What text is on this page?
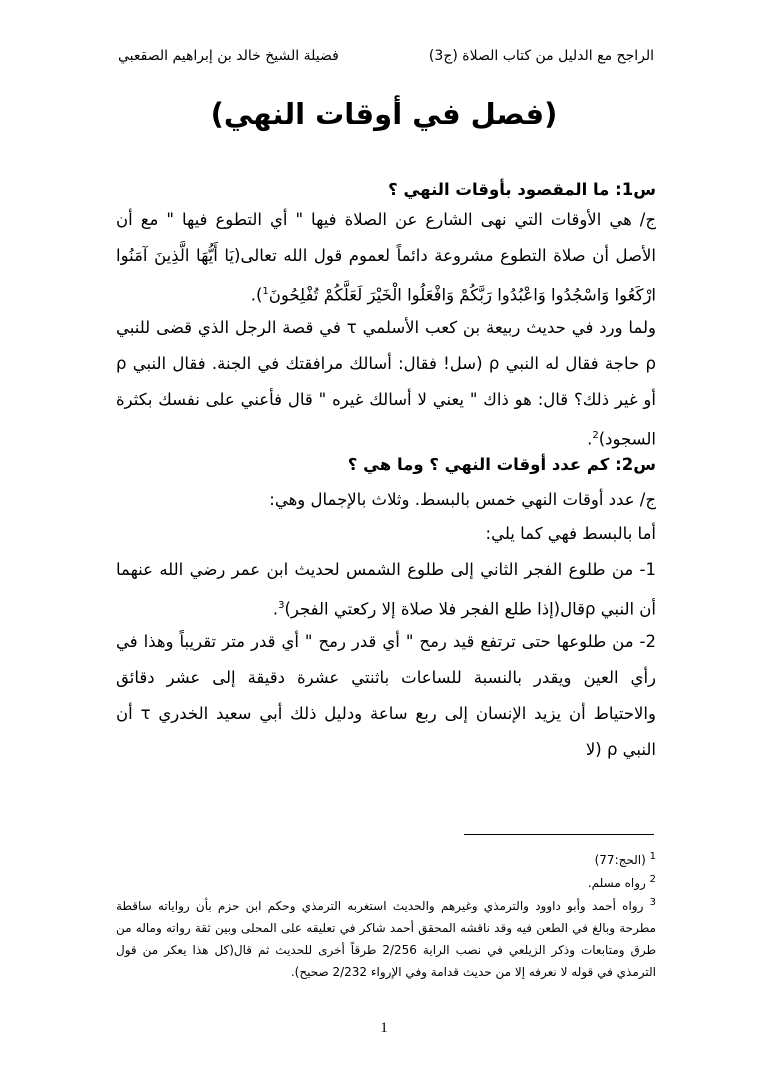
الراجح مع الدليل من كتاب الصلاة (ج3)
فضيلة الشيخ خالد بن إبراهيم الصقعبي
(فصل في أوقات النهي)
س1: ما المقصود بأوقات النهي ؟
ج/ هي الأوقات التي نهى الشارع عن الصلاة فيها " أي التطوع فيها " مع أن الأصل أن صلاة التطوع مشروعة دائماً لعموم قول الله تعالى(يَا أَيُّهَا الَّذِينَ آمَنُوا ارْكَعُوا وَاسْجُدُوا وَاعْبُدُوا رَبَّكُمْ وَافْعَلُوا الْخَيْرَ لَعَلَّكُمْ تُفْلِحُونَ$^1$).
ولما ورد في حديث ربيعة بن كعب الأسلمي τ في قصة الرجل الذي قضى للنبي ρ حاجة فقال له النبي ρ (سل! فقال: أسالك مرافقتك في الجنة. فقال النبي ρ أو غير ذلك؟ قال: هو ذاك " يعني لا أسالك غيره " قال فأعني على نفسك بكثرة السجود)$^2$.
س2: كم عدد أوقات النهي ؟ وما هي ؟
ج/ عدد أوقات النهي خمس بالبسط. وثلاث بالإجمال وهي:
أما بالبسط فهي كما يلي:
1- من طلوع الفجر الثاني إلى طلوع الشمس لحديث ابن عمر رضي الله عنهما أن النبي ρقال(إذا طلع الفجر فلا صلاة إلا ركعتي الفجر)$^3$.
2- من طلوعها حتى ترتفع قيد رمح " أي قدر رمح " أي قدر متر تقريباً وهذا في رأي العين ويقدر بالنسبة للساعات باثنتي عشرة دقيقة إلى عشر دقائق والاحتياط أن يزيد الإنسان إلى ربع ساعة ودليل ذلك أبي سعيد الخدري τ أن النبي ρ (لا
$^1$ (الحج:77)
$^2$ رواه مسلم.
$^3$ رواه أحمد وأبو داوود والترمذي وغيرهم والحديث استغربه الترمذي وحكم ابن حزم بأن رواياته ساقطة مطرحة وبالغ في الطعن فيه وقد ناقشه المحقق أحمد شاكر في تعليقه على المحلى وبين ثقة رواته وماله من طرق ومتابعات وذكر الزيلعي في نصب الراية 2/256 طرقاً أخرى للحديث ثم قال(كل هذا يعكر من قول الترمذي في قوله لا نعرفه إلا من حديث قدامة وفي الإرواء 2/232 صحيح).
1
